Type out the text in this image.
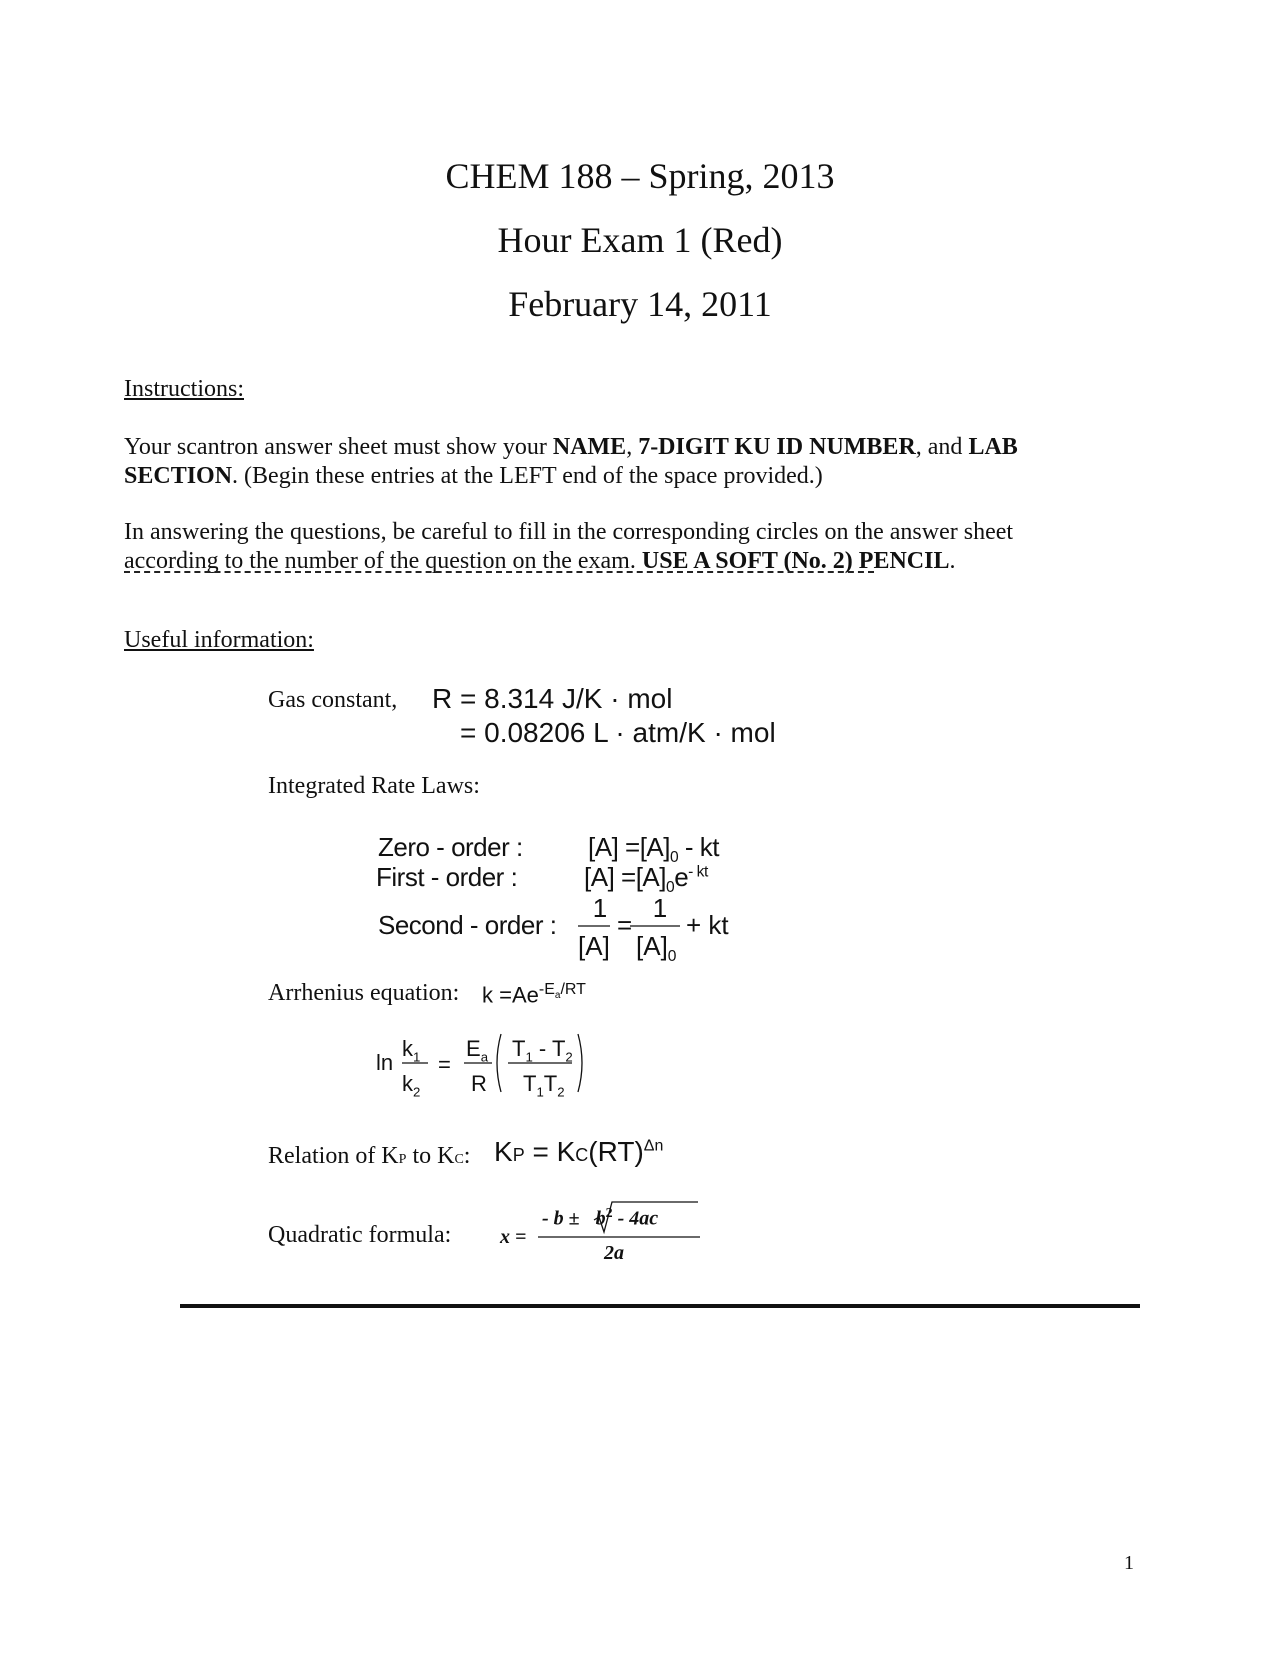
CHEM 188 – Spring, 2013
Hour Exam 1 (Red)
February 14, 2011
Instructions:
Your scantron answer sheet must show your NAME, 7-DIGIT KU ID NUMBER, and LAB SECTION. (Begin these entries at the LEFT end of the space provided.)
In answering the questions, be careful to fill in the corresponding circles on the answer sheet according to the number of the question on the exam. USE A SOFT (No. 2) PENCIL.
Useful information:
Gas constant, R = 8.314 J/K · mol
= 0.08206 L · atm/K · mol
Integrated Rate Laws:
Zero - order :	$[A] =[A]_0$ - kt
First - order :	$[A] =[A]_0e^{- kt}$
Second - order :
1
[A]
=
1
$[A]_0$
+ kt
Arrhenius equation: $k =Ae^{-E_a/RT}$
ln
$k_1$
$k_2$
=
$E_a$
R
$T_1 - T_2$
$T_1T_2$
Relation of KP to KC: KP = KC(RT)$^{\Delta n}$
Quadratic formula: x =
- $b \pm b^2 - 4ac$
2a
1
